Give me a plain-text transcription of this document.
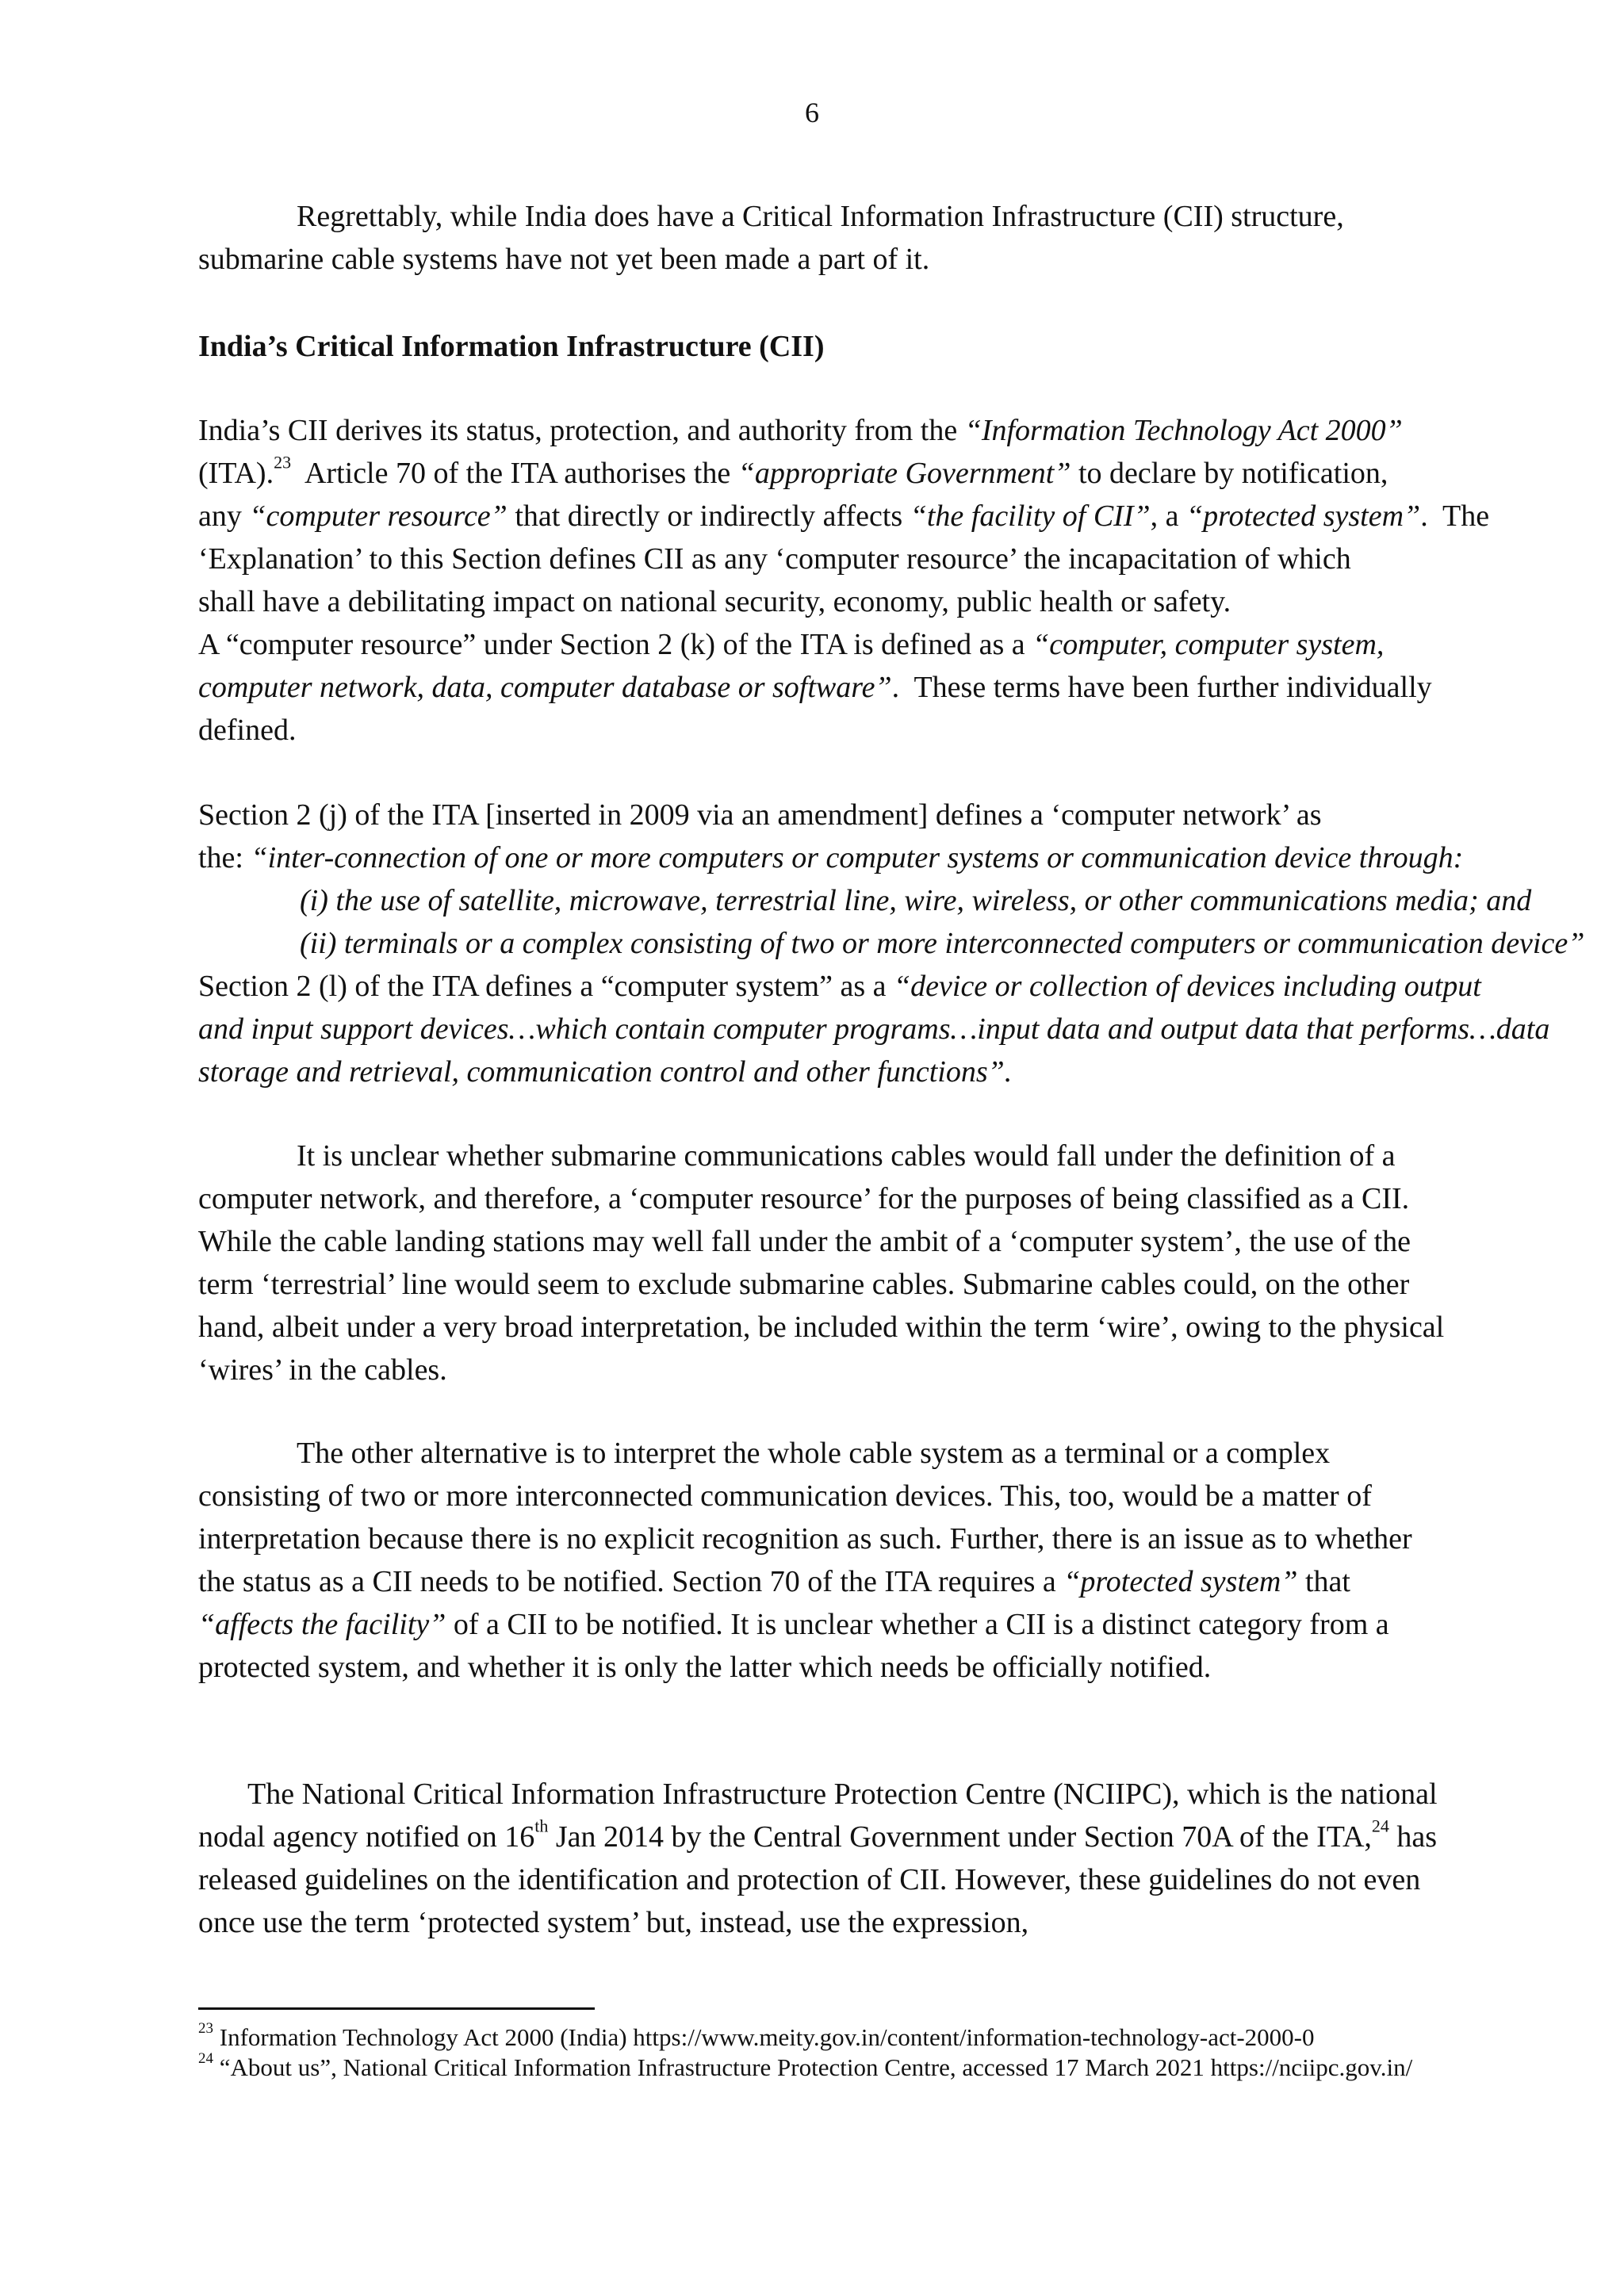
6

Regrettably, while India does have a Critical Information Infrastructure (CII) structure, submarine cable systems have not yet been made a part of it.

India’s Critical Information Infrastructure (CII)

India’s CII derives its status, protection, and authority from the “Information Technology Act 2000”
(ITA).$^{23}$  Article 70 of the ITA authorises the “appropriate Government” to declare by notification,
any “computer resource” that directly or indirectly affects “the facility of CII”, a “protected system”.  The
‘Explanation’ to this Section defines CII as any ‘computer resource’ the incapacitation of which
shall have a debilitating impact on national security, economy, public health or safety.
A “computer resource” under Section 2 (k) of the ITA is defined as a “computer, computer system,
computer network, data, computer database or software”.  These terms have been further individually
defined.
Section 2 (j) of the ITA [inserted in 2009 via an amendment] defines a ‘computer network’ as
the: “inter-connection of one or more computers or computer systems or communication device through:
(i) the use of satellite, microwave, terrestrial line, wire, wireless, or other communications media; and
(ii) terminals or a complex consisting of two or more interconnected computers or communication device”
Section 2 (l) of the ITA defines a “computer system” as a “device or collection of devices including output
and input support devices…which contain computer programs…input data and output data that performs…data
storage and retrieval, communication control and other functions”.

It is unclear whether submarine communications cables would fall under the definition of a computer network, and therefore, a ‘computer resource’ for the purposes of being classified as a CII. While the cable landing stations may well fall under the ambit of a ‘computer system’, the use of the term ‘terrestrial’ line would seem to exclude submarine cables. Submarine cables could, on the other hand, albeit under a very broad interpretation, be included within the term ‘wire’, owing to the physical ‘wires’ in the cables.

The other alternative is to interpret the whole cable system as a terminal or a complex consisting of two or more interconnected communication devices. This, too, would be a matter of interpretation because there is no explicit recognition as such. Further, there is an issue as to whether the status as a CII needs to be notified. Section 70 of the ITA requires a “protected system” that “affects the facility” of a CII to be notified. It is unclear whether a CII is a distinct category from a protected system, and whether it is only the latter which needs be officially notified.

The National Critical Information Infrastructure Protection Centre (NCIIPC), which is the national nodal agency notified on 16th Jan 2014 by the Central Government under Section 70A of the ITA,$^{24}$ has released guidelines on the identification and protection of CII. However, these guidelines do not even once use the term ‘protected system’ but, instead, use the expression,

$^{23}$ Information Technology Act 2000 (India) https://www.meity.gov.in/content/information-technology-act-2000-0

$^{24}$ “About us”, National Critical Information Infrastructure Protection Centre, accessed 17 March 2021 https://nciipc.gov.in/
